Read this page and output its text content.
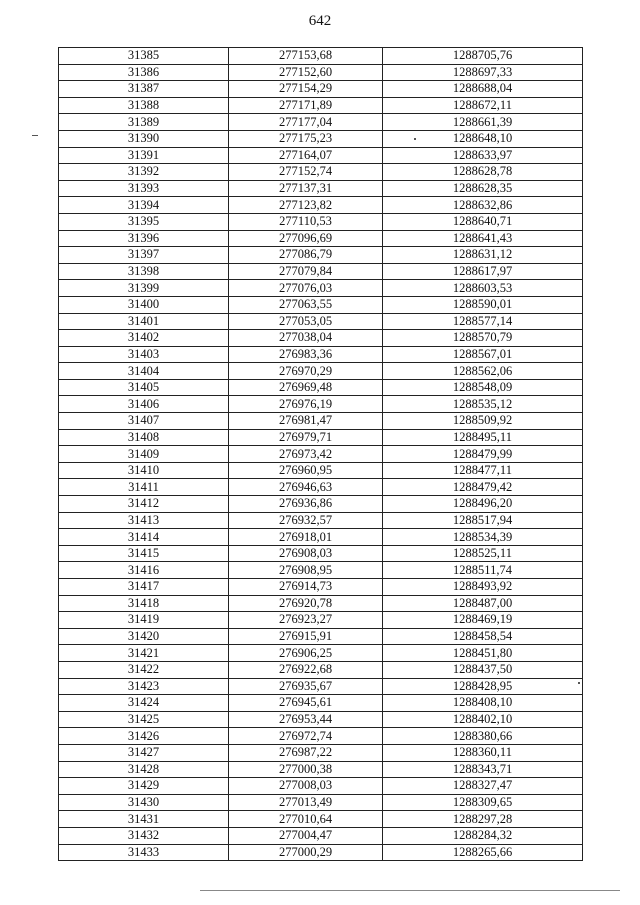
642
31385	277153,68	1288705,76
31386	277152,60	1288697,33
31387	277154,29	1288688,04
31388	277171,89	1288672,11
31389	277177,04	1288661,39
31390	277175,23	1288648,10
31391	277164,07	1288633,97
31392	277152,74	1288628,78
31393	277137,31	1288628,35
31394	277123,82	1288632,86
31395	277110,53	1288640,71
31396	277096,69	1288641,43
31397	277086,79	1288631,12
31398	277079,84	1288617,97
31399	277076,03	1288603,53
31400	277063,55	1288590,01
31401	277053,05	1288577,14
31402	277038,04	1288570,79
31403	276983,36	1288567,01
31404	276970,29	1288562,06
31405	276969,48	1288548,09
31406	276976,19	1288535,12
31407	276981,47	1288509,92
31408	276979,71	1288495,11
31409	276973,42	1288479,99
31410	276960,95	1288477,11
31411	276946,63	1288479,42
31412	276936,86	1288496,20
31413	276932,57	1288517,94
31414	276918,01	1288534,39
31415	276908,03	1288525,11
31416	276908,95	1288511,74
31417	276914,73	1288493,92
31418	276920,78	1288487,00
31419	276923,27	1288469,19
31420	276915,91	1288458,54
31421	276906,25	1288451,80
31422	276922,68	1288437,50
31423	276935,67	1288428,95
31424	276945,61	1288408,10
31425	276953,44	1288402,10
31426	276972,74	1288380,66
31427	276987,22	1288360,11
31428	277000,38	1288343,71
31429	277008,03	1288327,47
31430	277013,49	1288309,65
31431	277010,64	1288297,28
31432	277004,47	1288284,32
31433	277000,29	1288265,66
